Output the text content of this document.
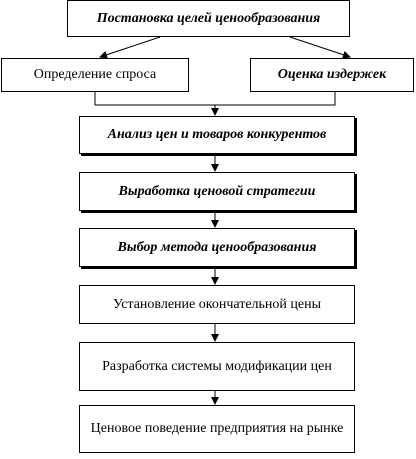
Постановка целей ценообразования
Определение спроса	Оценка издержек
Анализ цен и товаров конкурентов
Выработка ценовой стратегии
Выбор метода ценообразования
Установление окончательной цены
Разработка системы модификации цен
Ценовое поведение предприятия на рынке
